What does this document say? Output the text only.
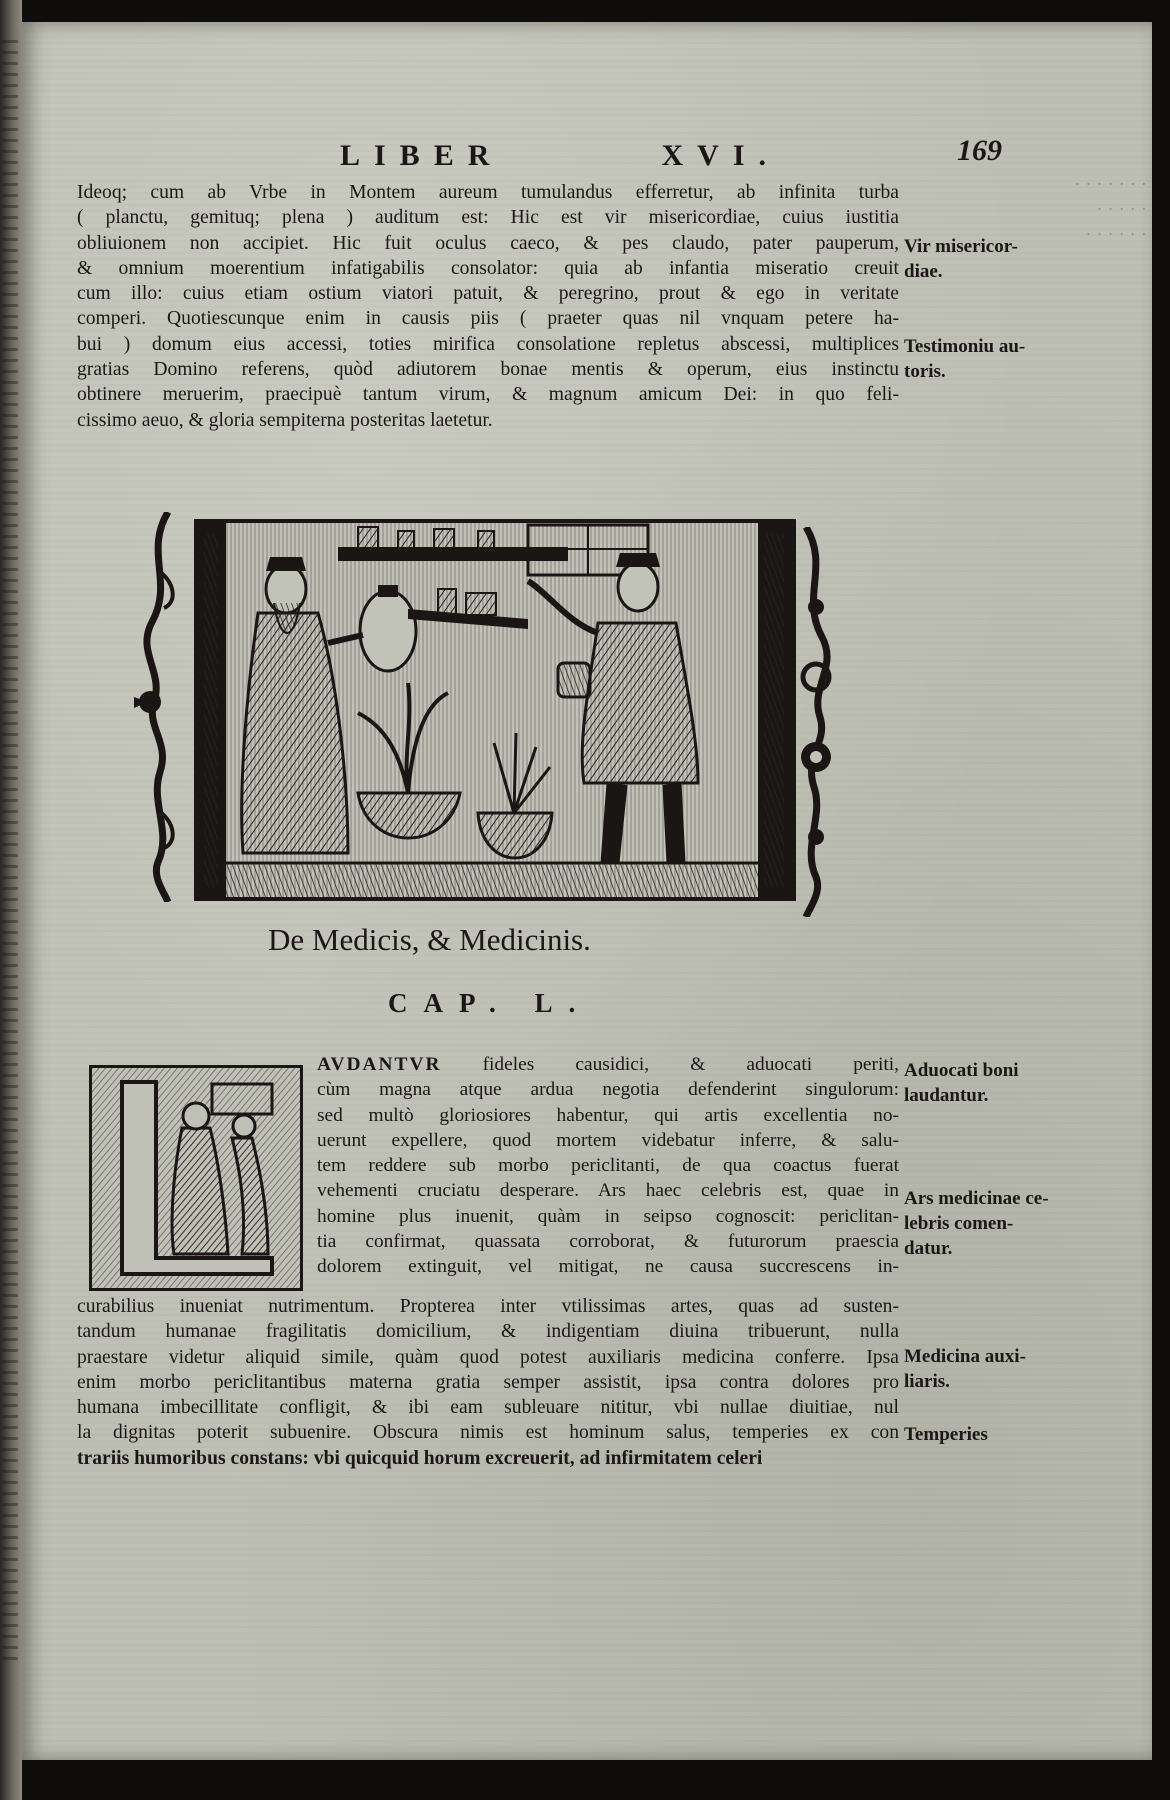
· · · · · · ·
· · · · ·
· · · · · ·
LIBER	XVI.	169
Ideoq; cum ab Vrbe in Montem aureum tumulandus efferretur, ab infinita turba
( planctu, gemituq; plena ) auditum est: Hic est vir misericordiae, cuius iustitia
obliuionem non accipiet. Hic fuit oculus caeco, & pes claudo, pater pauperum,
& omnium moerentium infatigabilis consolator: quia ab infantia miseratio creuit
cum illo: cuius etiam ostium viatori patuit, & peregrino, prout & ego in veritate
comperi. Quotiescunque enim in causis piis ( praeter quas nil vnquam petere ha-
bui ) domum eius accessi, toties mirifica consolatione repletus abscessi, multiplices
gratias Domino referens, quòd adiutorem bonae mentis & operum, eius instinctu
obtinere meruerim, praecipuè tantum virum, & magnum amicum Dei: in quo feli-
cissimo aeuo, & gloria sempiterna posteritas laetetur.
Vir misericor-
diae.
Testimoniu au-
toris.
De Medicis, & Medicinis.
CAP. L.
AVDANTVR fideles causidici, & aduocati periti,
cùm magna atque ardua negotia defenderint singulorum:
sed multò gloriosiores habentur, qui artis excellentia no-
uerunt expellere, quod mortem videbatur inferre, & salu-
tem reddere sub morbo periclitanti, de qua coactus fuerat
vehementi cruciatu desperare. Ars haec celebris est, quae in
homine plus inuenit, quàm in seipso cognoscit: periclitan-
tia confirmat, quassata corroborat, & futurorum praescia
dolorem extinguit, vel mitigat, ne causa succrescens in-
curabilius inueniat nutrimentum. Propterea inter vtilissimas artes, quas ad susten-
tandum humanae fragilitatis domicilium, & indigentiam diuina tribuerunt, nulla
praestare videtur aliquid simile, quàm quod potest auxiliaris medicina conferre. Ipsa
enim morbo periclitantibus materna gratia semper assistit, ipsa contra dolores pro
humana imbecillitate confligit, & ibi eam subleuare nititur, vbi nullae diuitiae, nul
la dignitas poterit subuenire. Obscura nimis est hominum salus, temperies ex con
trariis humoribus constans: vbi quicquid horum excreuerit, ad infirmitatem celeri
Aduocati boni
laudantur.
Ars medicinae ce-
lebris comen-
datur.
Medicina auxi-
liaris.
Temperies
